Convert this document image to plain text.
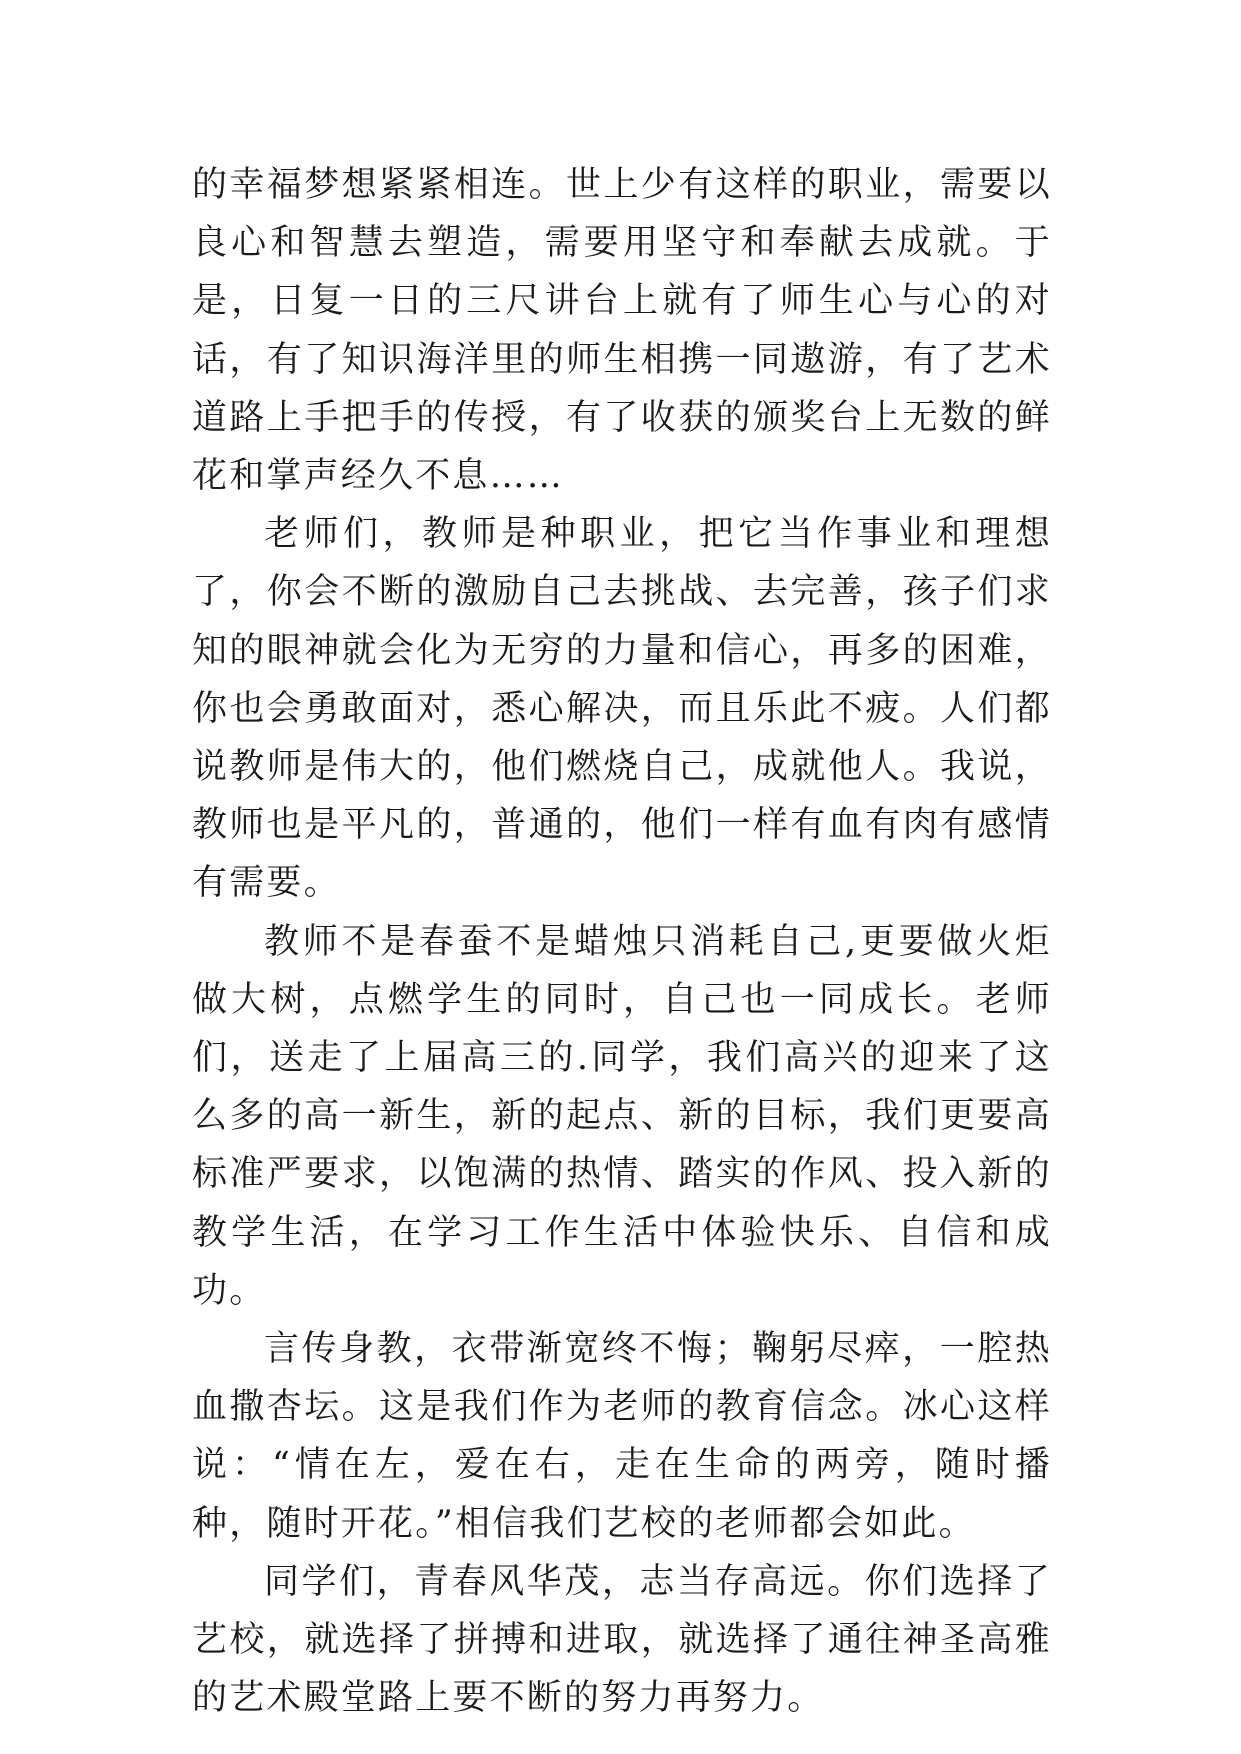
的幸福梦想紧紧相连。世上少有这样的职业，需要以良心和智慧去塑造，需要用坚守和奉献去成就。于是，日复一日的三尺讲台上就有了师生心与心的对话，有了知识海洋里的师生相携一同遨游，有了艺术道路上手把手的传授，有了收获的颁奖台上无数的鲜花和掌声经久不息……

老师们，教师是种职业，把它当作事业和理想了，你会不断的激励自己去挑战、去完善，孩子们求知的眼神就会化为无穷的力量和信心，再多的困难，你也会勇敢面对，悉心解决，而且乐此不疲。人们都说教师是伟大的，他们燃烧自己，成就他人。我说，教师也是平凡的，普通的，他们一样有血有肉有感情有需要。

教师不是春蚕不是蜡烛只消耗自己,更要做火炬做大树，点燃学生的同时，自己也一同成长。老师们，送走了上届高三的.同学，我们高兴的迎来了这么多的高一新生，新的起点、新的目标，我们更要高标准严要求，以饱满的热情、踏实的作风、投入新的教学生活，在学习工作生活中体验快乐、自信和成功。

言传身教，衣带渐宽终不悔；鞠躬尽瘁，一腔热血撒杏坛。这是我们作为老师的教育信念。冰心这样说：“情在左，爱在右，走在生命的两旁，随时播种，随时开花。”相信我们艺校的老师都会如此。

同学们，青春风华茂，志当存高远。你们选择了艺校，就选择了拼搏和进取，就选择了通往神圣高雅的艺术殿堂路上要不断的努力再努力。
